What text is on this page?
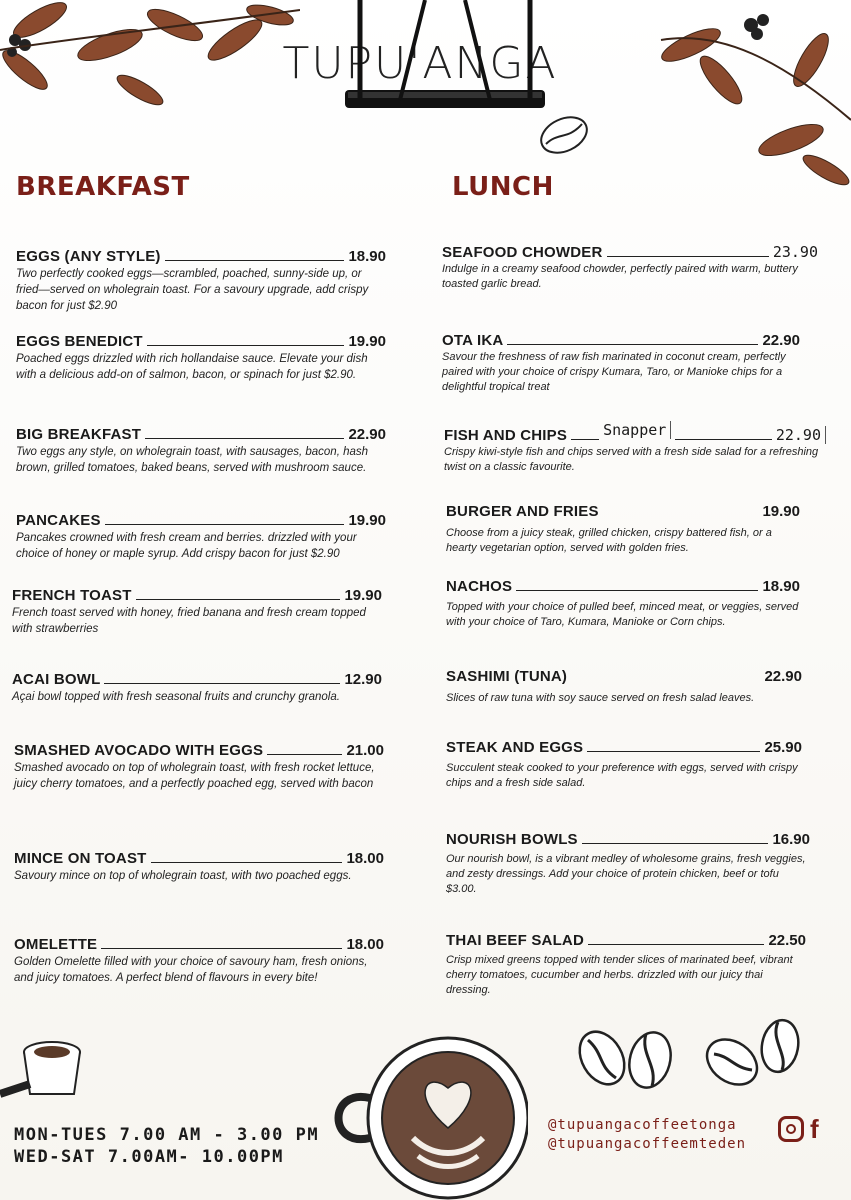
TUPU'ANGA
BREAKFAST	LUNCH
EGGS (ANY STYLE)	18.90
Two perfectly cooked eggs—scrambled, poached, sunny-side up, or fried—served on wholegrain toast. For a savoury upgrade, add crispy bacon for just $2.90
EGGS BENEDICT	19.90
Poached eggs drizzled with rich hollandaise sauce. Elevate your dish with a delicious add-on of salmon, bacon, or spinach for just $2.90.
BIG BREAKFAST	22.90
Two eggs any style, on wholegrain toast, with sausages, bacon, hash brown, grilled tomatoes, baked beans, served with mushroom sauce.
PANCAKES	19.90
Pancakes crowned with fresh cream and berries. drizzled with your choice of honey or maple syrup. Add crispy bacon for just $2.90
FRENCH TOAST	19.90
French toast served with honey, fried banana and fresh cream topped with strawberries
ACAI BOWL	12.90
Açai bowl topped with fresh seasonal fruits and crunchy granola.
SMASHED AVOCADO WITH EGGS	21.00
Smashed avocado on top of wholegrain toast, with fresh rocket lettuce, juicy cherry tomatoes, and a perfectly poached egg, served with bacon
MINCE ON TOAST	18.00
Savoury mince on top of wholegrain toast, with two poached eggs.
OMELETTE	18.00
Golden Omelette filled with your choice of savoury ham, fresh onions, and juicy tomatoes. A perfect blend of flavours in every bite!
SEAFOOD CHOWDER	23.90
Indulge in a creamy seafood chowder, perfectly paired with warm, buttery toasted garlic bread.
OTA IKA	22.90
Savour the freshness of raw fish marinated in coconut cream, perfectly paired with your choice of crispy Kumara, Taro, or Manioke chips for a delightful tropical treat
FISH AND CHIPS Snapper	22.90
Crispy kiwi-style fish and chips served with a fresh side salad for a refreshing twist on a classic favourite.
BURGER AND FRIES	19.90
Choose from a juicy steak, grilled chicken, crispy battered fish, or a hearty vegetarian option, served with golden fries.
NACHOS	18.90
Topped with your choice of pulled beef, minced meat, or veggies, served with your choice of Taro, Kumara, Manioke or Corn chips.
SASHIMI (TUNA)	22.90
Slices of raw tuna with soy sauce served on fresh salad leaves.
STEAK AND EGGS	25.90
Succulent steak cooked to your preference with eggs, served with crispy chips and a fresh side salad.
NOURISH BOWLS	16.90
Our nourish bowl, is a vibrant medley of wholesome grains, fresh veggies, and zesty dressings. Add your choice of protein chicken, beef or tofu $3.00.
THAI BEEF SALAD	22.50
Crisp mixed greens topped with tender slices of marinated beef, vibrant cherry tomatoes, cucumber and herbs. drizzled with our juicy thai dressing.
MON-TUES 7.00 AM - 3.00 PM
WED-SAT 7.00AM- 10.00PM
@tupuangacoffeetonga
@tupuangacoffeemteden f
